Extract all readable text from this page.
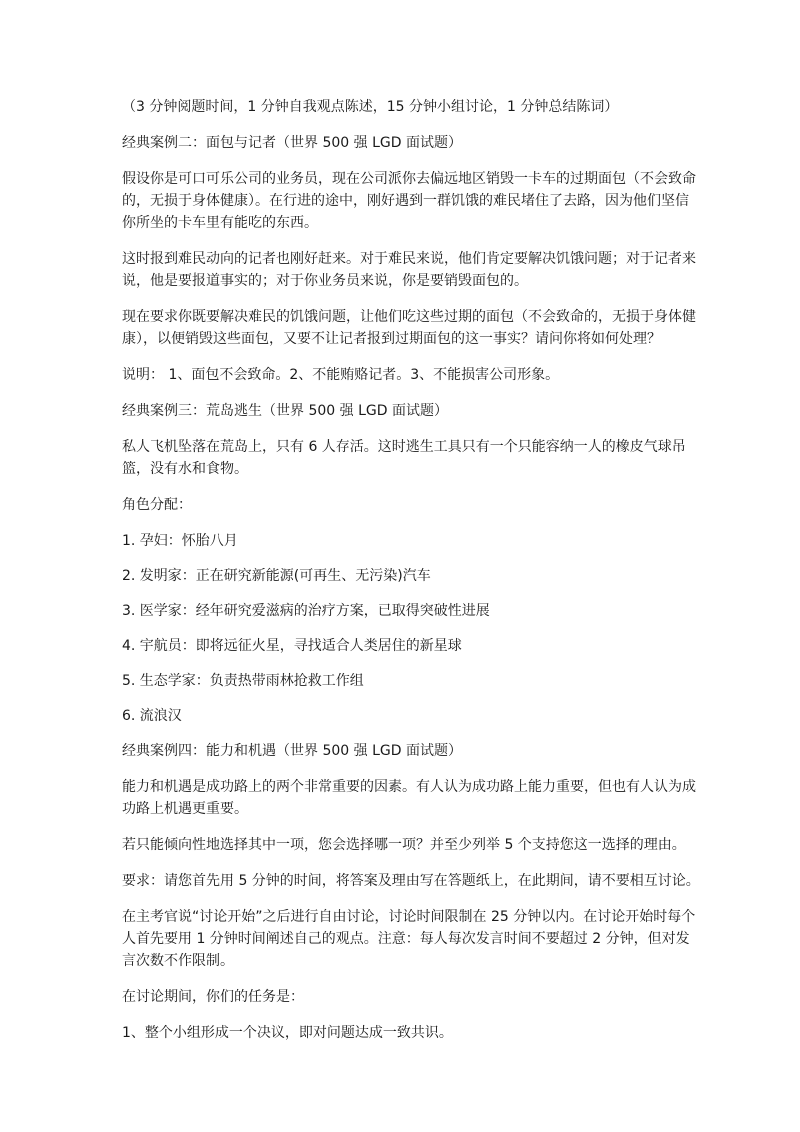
（3 分钟阅题时间，1 分钟自我观点陈述，15 分钟小组讨论，1 分钟总结陈词）

经典案例二：面包与记者（世界 500 强 LGD 面试题）

假设你是可口可乐公司的业务员，现在公司派你去偏远地区销毁一卡车的过期面包（不会致命的，无损于身体健康）。在行进的途中，刚好遇到一群饥饿的难民堵住了去路，因为他们坚信你所坐的卡车里有能吃的东西。

这时报到难民动向的记者也刚好赶来。对于难民来说，他们肯定要解决饥饿问题；对于记者来说，他是要报道事实的；对于你业务员来说，你是要销毁面包的。

现在要求你既要解决难民的饥饿问题，让他们吃这些过期的面包（不会致命的，无损于身体健康），以便销毁这些面包，又要不让记者报到过期面包的这一事实？请问你将如何处理？

说明： 1、面包不会致命。2、不能贿赂记者。3、不能损害公司形象。

经典案例三：荒岛逃生（世界 500 强 LGD 面试题）

私人飞机坠落在荒岛上，只有 6 人存活。这时逃生工具只有一个只能容纳一人的橡皮气球吊篮，没有水和食物。

角色分配：

1. 孕妇：怀胎八月

2. 发明家：正在研究新能源(可再生、无污染)汽车

3. 医学家：经年研究爱滋病的治疗方案，已取得突破性进展

4. 宇航员：即将远征火星，寻找适合人类居住的新星球

5. 生态学家：负责热带雨林抢救工作组

6. 流浪汉

经典案例四：能力和机遇（世界 500 强 LGD 面试题）

能力和机遇是成功路上的两个非常重要的因素。有人认为成功路上能力重要，但也有人认为成功路上机遇更重要。

若只能倾向性地选择其中一项，您会选择哪一项？并至少列举 5 个支持您这一选择的理由。

要求：请您首先用 5 分钟的时间，将答案及理由写在答题纸上，在此期间，请不要相互讨论。

在主考官说“讨论开始”之后进行自由讨论，讨论时间限制在 25 分钟以内。在讨论开始时每个人首先要用 1 分钟时间阐述自己的观点。注意：每人每次发言时间不要超过 2 分钟，但对发言次数不作限制。

在讨论期间，你们的任务是：

1、整个小组形成一个决议，即对问题达成一致共识。
